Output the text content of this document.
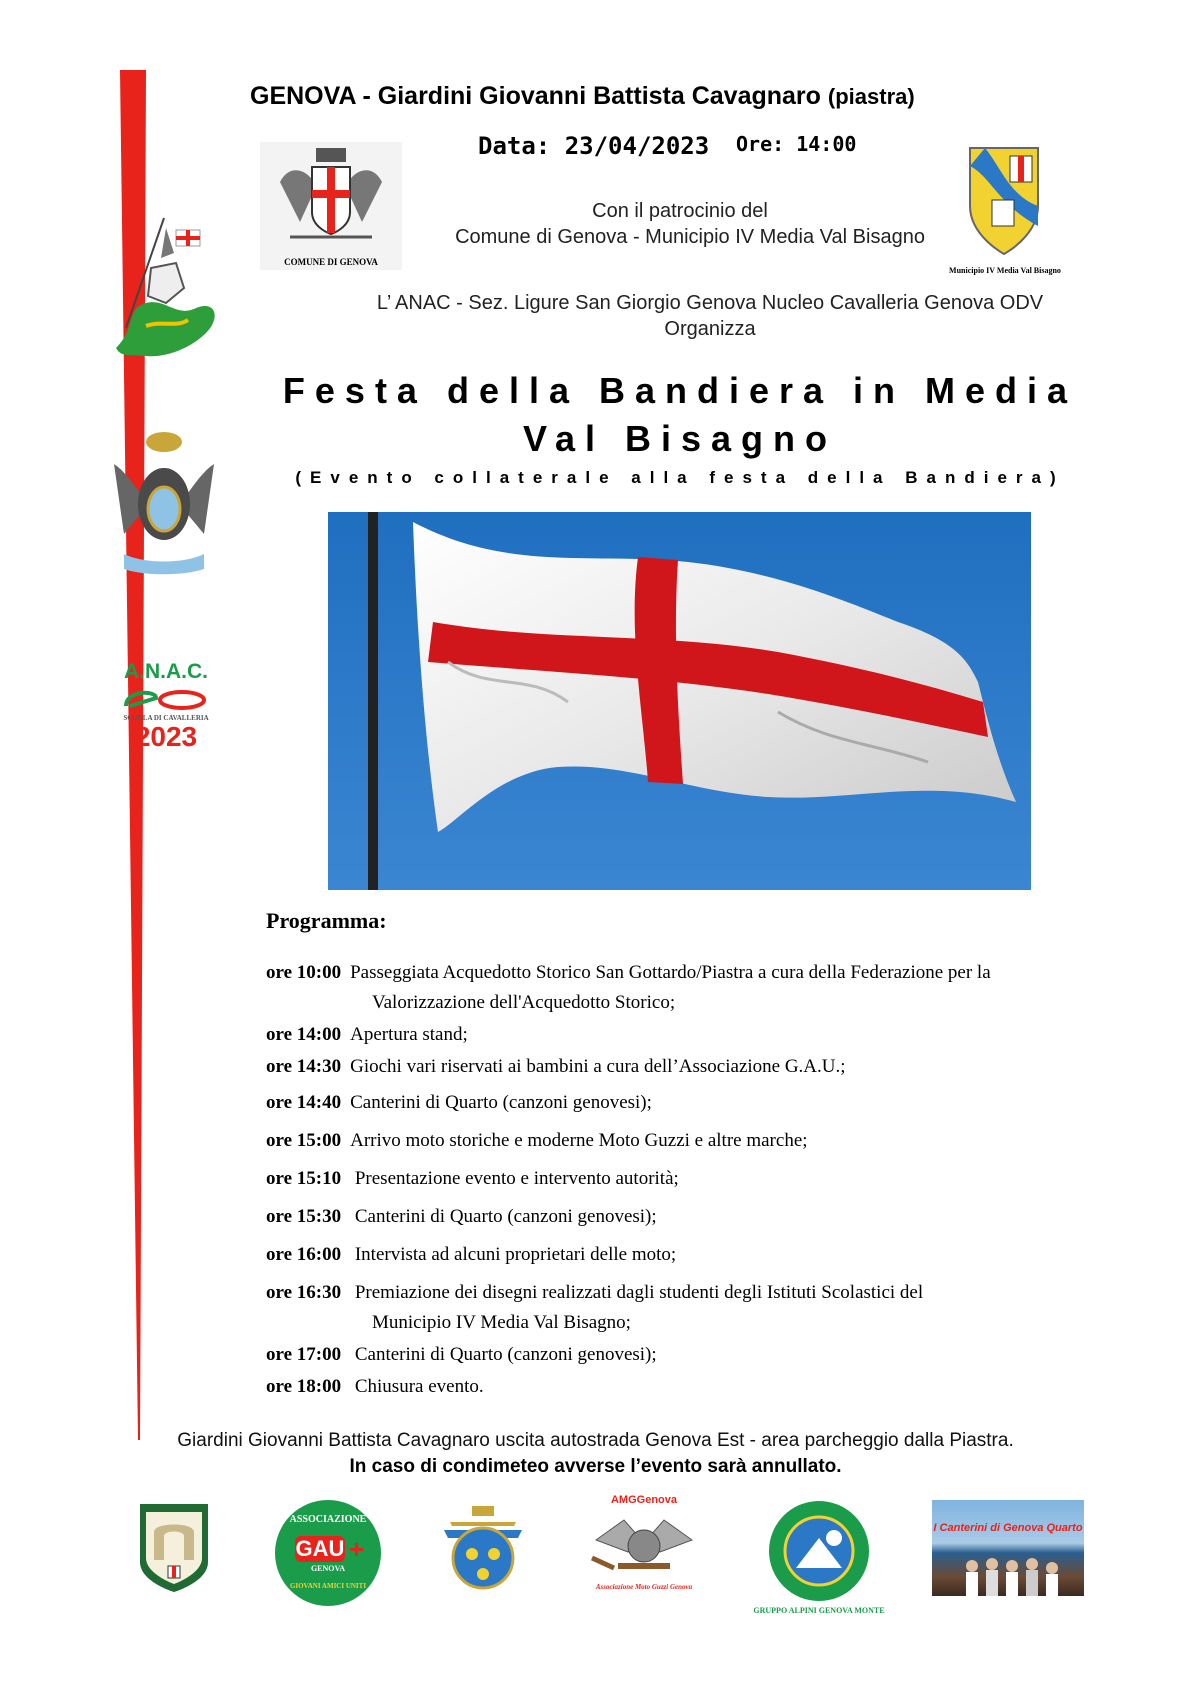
A.N.A.C.
SCUOLA DI CAVALLERIA
2023
GENOVA - Giardini Giovanni Battista Cavagnaro (piastra)
Data: 23/04/2023 Ore: 14:00
COMUNE DI GENOVA
Municipio IV Media Val Bisagno
Con il patrocinio del
Comune di Genova - Municipio IV Media Val Bisagno
L’ ANAC - Sez. Ligure San Giorgio Genova Nucleo Cavalleria Genova ODV
Organizza
Festa della Bandiera in Media
Val Bisagno
(Evento collaterale alla festa della Bandiera)
Programma:
ore 10:00 Passeggiata Acquedotto Storico San Gottardo/Piastra a cura della Federazione per la
Valorizzazione dell'Acquedotto Storico;
ore 14:00 Apertura stand;
ore 14:30 Giochi vari riservati ai bambini a cura dell’Associazione G.A.U.;
ore 14:40 Canterini di Quarto (canzoni genovesi);
ore 15:00 Arrivo moto storiche e moderne Moto Guzzi e altre marche;
ore 15:10 Presentazione evento e intervento autorità;
ore 15:30 Canterini di Quarto (canzoni genovesi);
ore 16:00 Intervista ad alcuni proprietari delle moto;
ore 16:30 Premiazione dei disegni realizzati dagli studenti degli Istituti Scolastici del
Municipio IV Media Val Bisagno;
ore 17:00 Canterini di Quarto (canzoni genovesi);
ore 18:00 Chiusura evento.
Giardini Giovanni Battista Cavagnaro uscita autostrada Genova Est - area parcheggio dalla Piastra.
In caso di condimeteo avverse l’evento sarà annullato.
ASSOCIAZIONE
GAU +
GENOVA
GIOVANI AMICI UNITI
AMGGenova
Associazione Moto Guzzi Genova
GRUPPO ALPINI GENOVA MONTE
I Canterini di Genova Quarto
